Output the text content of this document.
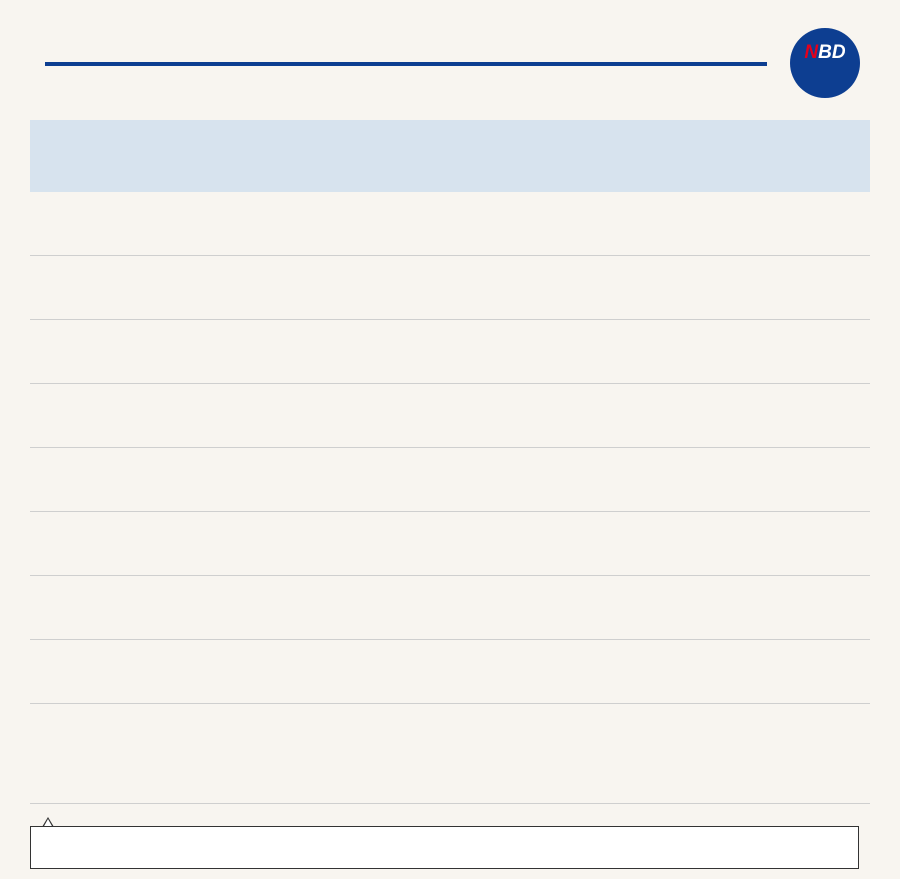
NBD
